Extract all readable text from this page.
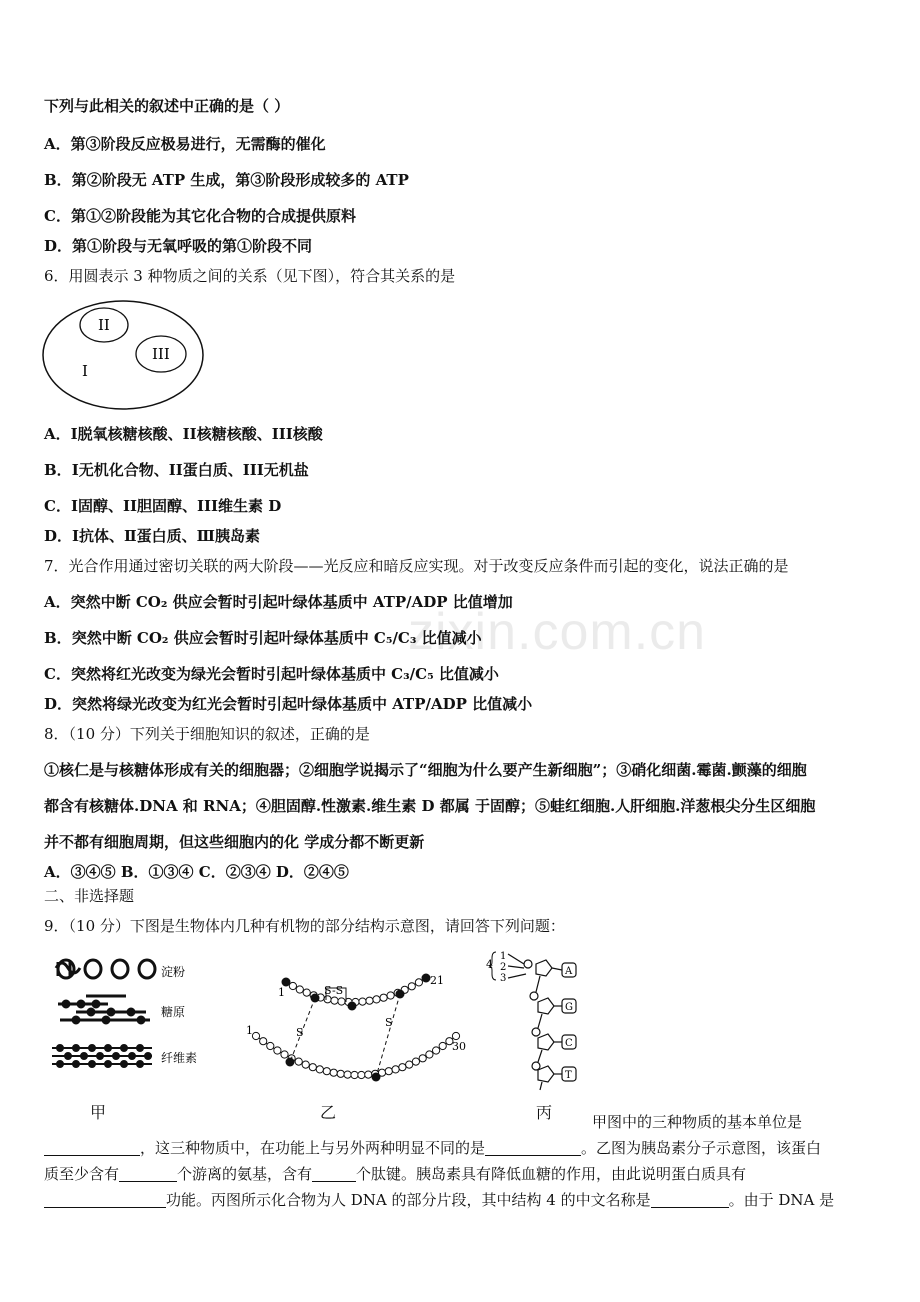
zixin.com.cn
下列与此相关的叙述中正确的是（ ）
A．第③阶段反应极易进行，无需酶的催化
B．第②阶段无 ATP 生成，第③阶段形成较多的 ATP
C．第①②阶段能为其它化合物的合成提供原料
D．第①阶段与无氧呼吸的第①阶段不同
6．用圆表示 3 种物质之间的关系（见下图），符合其关系的是
II
III
I
A．I脱氧核糖核酸、II核糖核酸、III核酸
B．I无机化合物、II蛋白质、III无机盐
C．I固醇、II胆固醇、III维生素 D
D．Ⅰ抗体、Ⅱ蛋白质、Ⅲ胰岛素
7．光合作用通过密切关联的两大阶段——光反应和暗反应实现。对于改变反应条件而引起的变化，说法正确的是
A．突然中断 CO₂ 供应会暂时引起叶绿体基质中 ATP/ADP 比值增加
B．突然中断 CO₂ 供应会暂时引起叶绿体基质中 C₅/C₃ 比值减小
C．突然将红光改变为绿光会暂时引起叶绿体基质中 C₃/C₅ 比值减小
D．突然将绿光改变为红光会暂时引起叶绿体基质中 ATP/ADP 比值减小
8．（10 分）下列关于细胞知识的叙述，正确的是
①核仁是与核糖体形成有关的细胞器；②细胞学说揭示了“细胞为什么要产生新细胞”；③硝化细菌.霉菌.颤藻的细胞
都含有核糖体.DNA 和 RNA；④胆固醇.性激素.维生素 D 都属 于固醇；⑤蛙红细胞.人肝细胞.洋葱根尖分生区细胞
并不都有细胞周期，但这些细胞内的化 学成分都不断更新
A．③④⑤ B．①③④ C．②③④ D．②④⑤
二、非选择题
9．（10 分）下图是生物体内几种有机物的部分结构示意图，请回答下列问题：
淀粉
糖原
纤维素
S-S
S
S
1
21
1
30
4
1
2
3
A
G
C
T
甲	乙	丙	甲图中的三种物质的基本单位是
，这三种物质中，在功能上与另外两种明显不同的是	。乙图为胰岛素分子示意图，该蛋白
质至少含有	个游离的氨基，含有	个肽键。胰岛素具有降低血糖的作用，由此说明蛋白质具有
功能。丙图所示化合物为人 DNA 的部分片段，其中结构 4 的中文名称是	。由于 DNA 是
